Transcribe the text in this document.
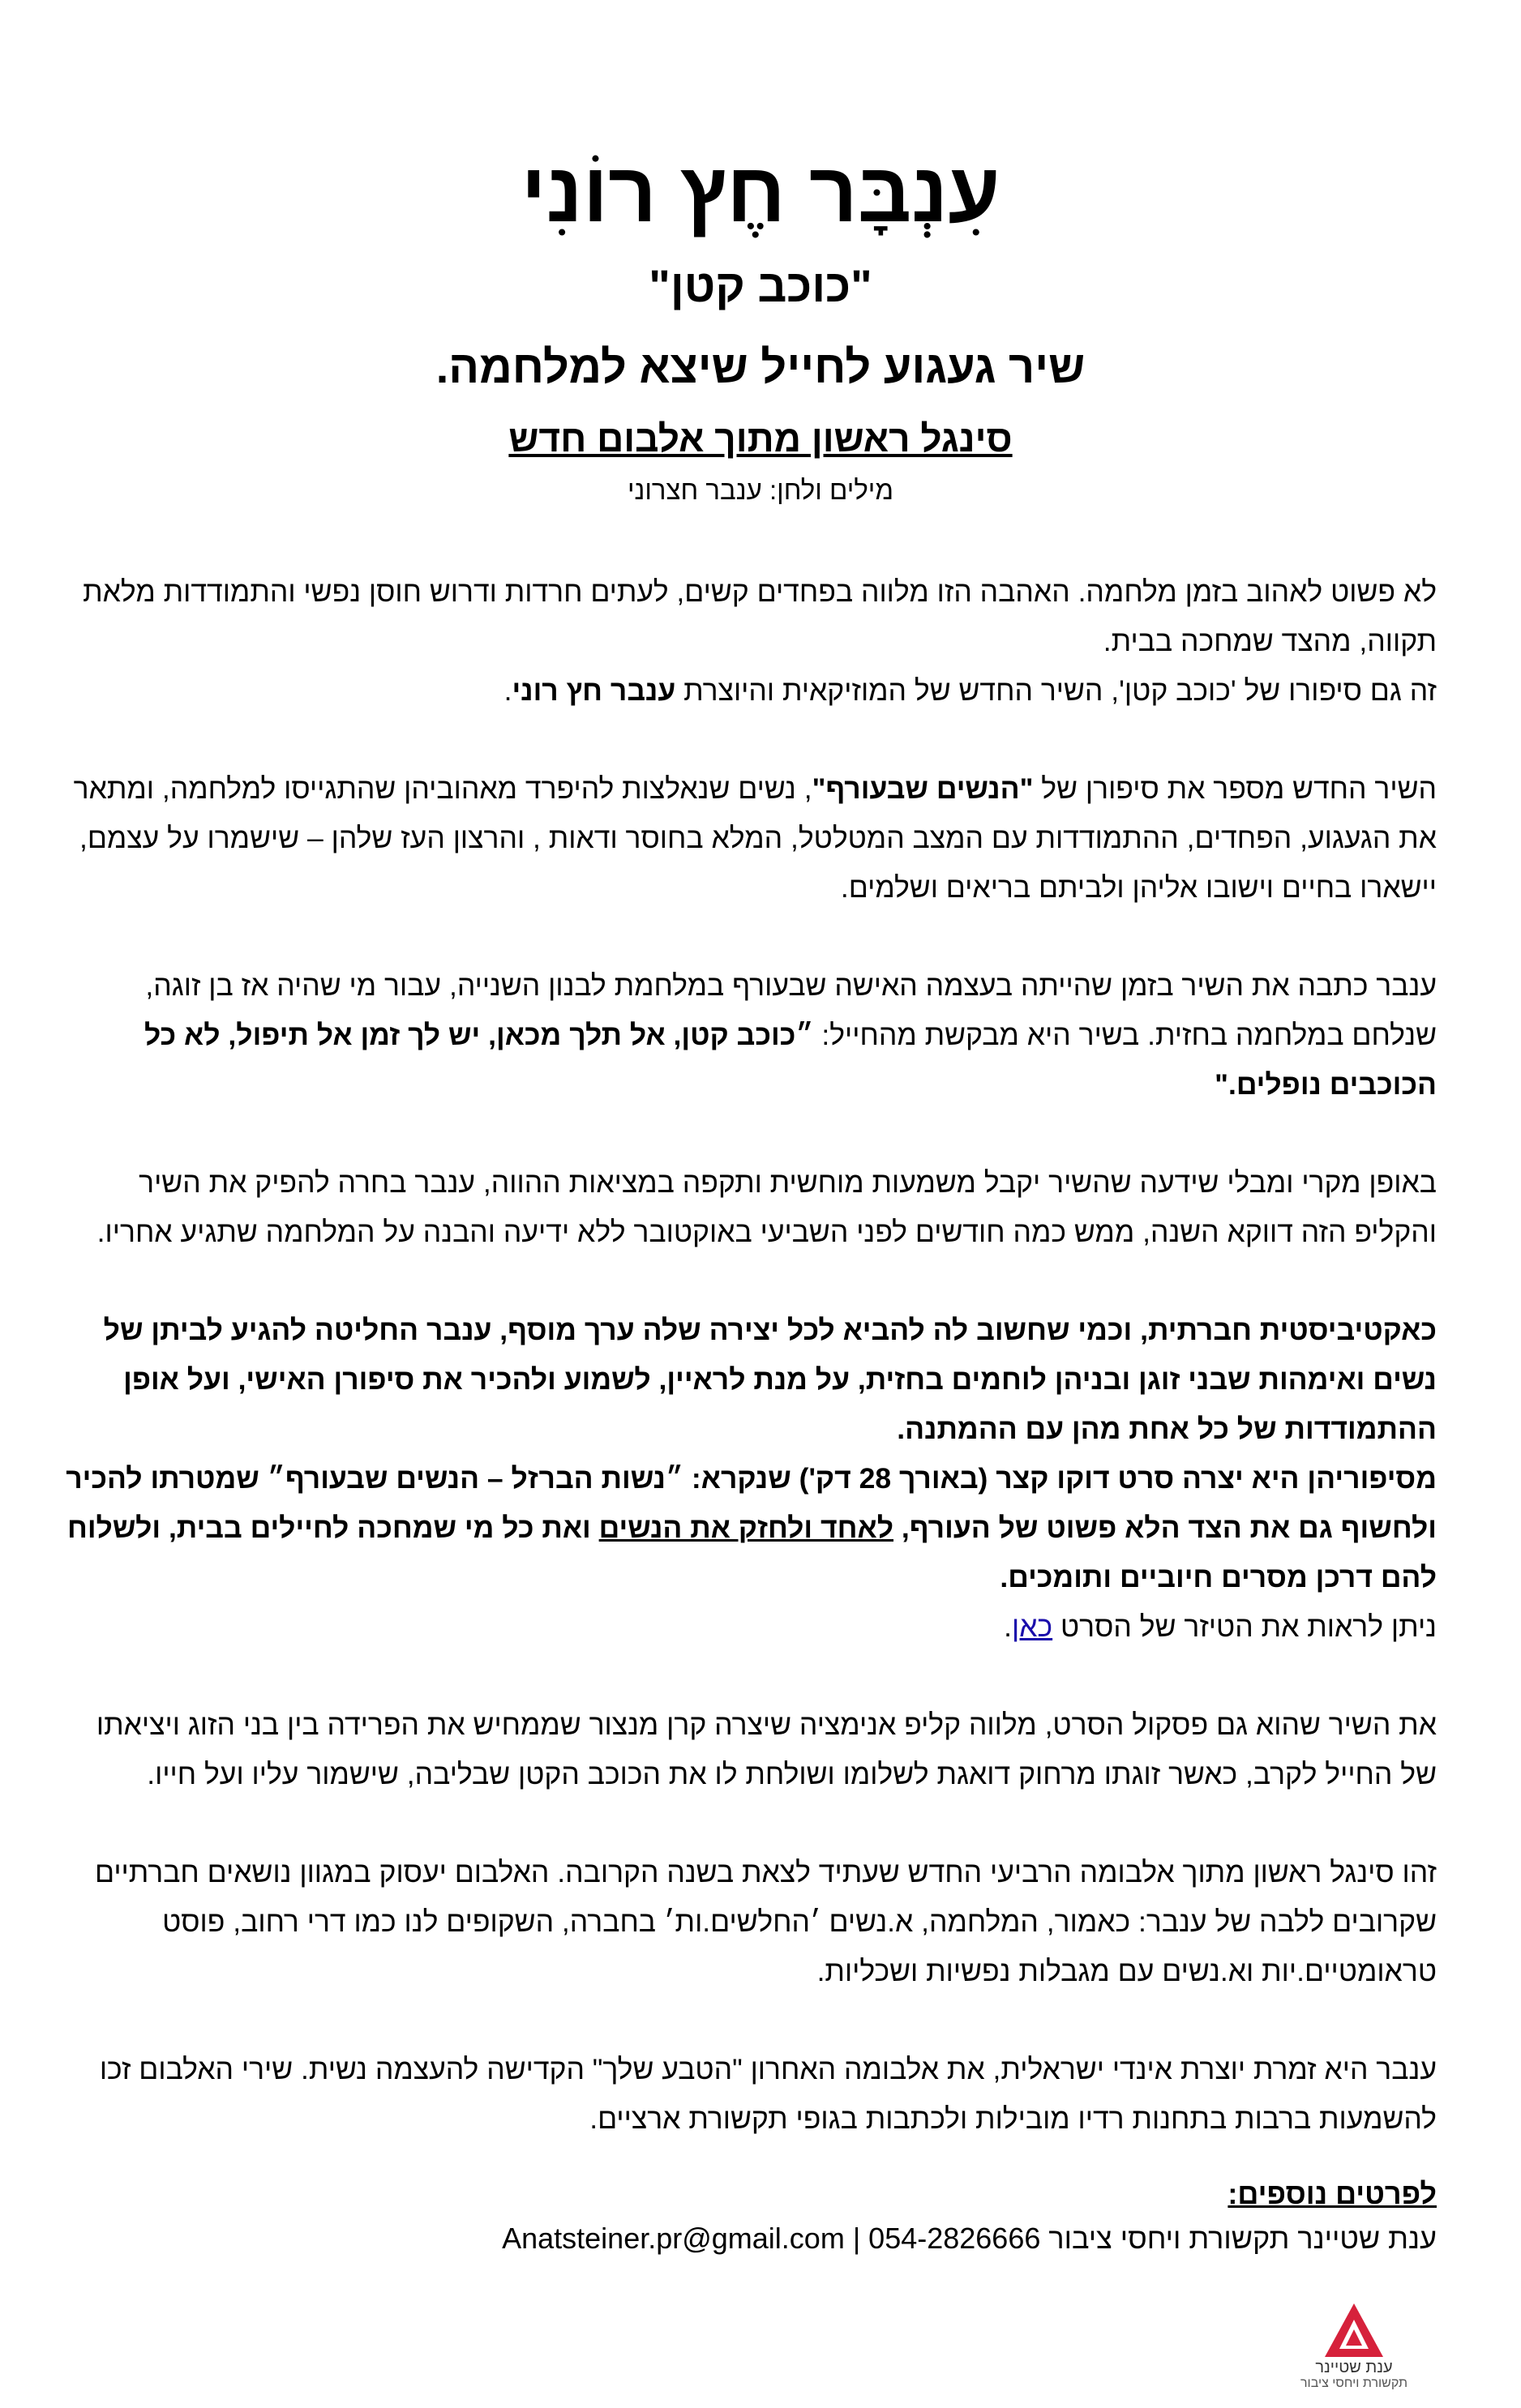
עִנְבָּר חֶץ רוֹנִי
"כוכב קטן"
שיר געגוע לחייל שיצא למלחמה.
סינגל ראשון מתוך אלבום חדש
מילים ולחן: ענבר חצרוני

לא פשוט לאהוב בזמן מלחמה. האהבה הזו מלווה בפחדים קשים, לעתים חרדות ודרוש חוסן נפשי והתמודדות מלאת תקווה, מהצד שמחכה בבית.
זה גם סיפורו של 'כוכב קטן', השיר החדש של המוזיקאית והיוצרת ענבר חץ רוני.

השיר החדש מספר את סיפורן של "הנשים שבעורף", נשים שנאלצות להיפרד מאהוביהן שהתגייסו למלחמה, ומתאר את הגעגוע, הפחדים, ההתמודדות עם המצב המטלטל, המלא בחוסר ודאות , והרצון העז שלהן – שישמרו על עצמם, יישארו בחיים וישובו אליהן ולביתם בריאים ושלמים.

ענבר כתבה את השיר בזמן שהייתה בעצמה האישה שבעורף במלחמת לבנון השנייה, עבור מי שהיה אז בן זוגה, שנלחם במלחמה בחזית. בשיר היא מבקשת מהחייל: ״כוכב קטן, אל תלך מכאן, יש לך זמן אל תיפול, לא כל הכוכבים נופלים."

באופן מקרי ומבלי שידעה שהשיר יקבל משמעות מוחשית ותקפה במציאות ההווה, ענבר בחרה להפיק את השיר והקליפ הזה דווקא השנה, ממש כמה חודשים לפני השביעי באוקטובר ללא ידיעה והבנה על המלחמה שתגיע אחריו.

כאקטיביסטית חברתית, וכמי שחשוב לה להביא לכל יצירה שלה ערך מוסף, ענבר החליטה להגיע לביתן של נשים ואימהות שבני זוגן ובניהן לוחמים בחזית, על מנת לראיין, לשמוע ולהכיר את סיפורן האישי, ועל אופן ההתמודדות של כל אחת מהן עם ההמתנה.
מסיפוריהן היא יצרה סרט דוקו קצר (באורך 28 דק') שנקרא: ״נשות הברזל – הנשים שבעורף״ שמטרתו להכיר ולחשוף גם את הצד הלא פשוט של העורף, לאחד ולחזק את הנשים ואת כל מי שמחכה לחיילים בבית, ולשלוח להם דרכן מסרים חיוביים ותומכים.
ניתן לראות את הטיזר של הסרט כאן.

את השיר שהוא גם פסקול הסרט, מלווה קליפ אנימציה שיצרה קרן מנצור שממחיש את הפרידה בין בני הזוג ויציאתו של החייל לקרב, כאשר זוגתו מרחוק דואגת לשלומו ושולחת לו את הכוכב הקטן שבליבה, שישמור עליו ועל חייו.

זהו סינגל ראשון מתוך אלבומה הרביעי החדש שעתיד לצאת בשנה הקרובה. האלבום יעסוק במגוון נושאים חברתיים שקרובים ללבה של ענבר: כאמור, המלחמה, א.נשים ׳החלשים.ות׳ בחברה, השקופים לנו כמו דרי רחוב, פוסט טראומטיים.יות וא.נשים עם מגבלות נפשיות ושכליות.

ענבר היא זמרת יוצרת אינדי ישראלית, את אלבומה האחרון "הטבע שלך" הקדישה להעצמה נשית. שירי האלבום זכו להשמעות ברבות בתחנות רדיו מובילות ולכתבות בגופי תקשורת ארציים.

לפרטים נוספים:
ענת שטיינר תקשורת ויחסי ציבור 054-2826666 | Anatsteiner.pr@gmail.com
ענת שטיינר
תקשורת ויחסי ציבור
